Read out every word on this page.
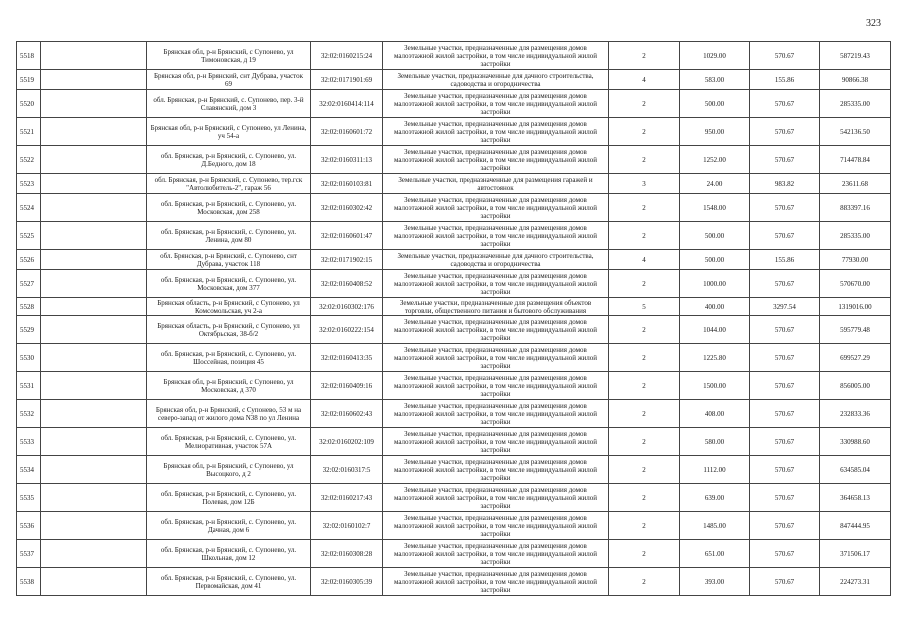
323
5518		Брянская обл, р-н Брянский, с Супонево, ул Тимоновская, д 19	32:02:0160215:24	Земельные участки, предназначенные для размещения домов малоэтажной жилой застройки, в том числе индивидуальной жилой застройки	2	1029.00	570.67	587219.43
5519		Брянская обл, р-н Брянский, снт Дубрава, участок 69	32:02:0171901:69	Земельные участки, предназначенные для дачного строительства, садоводства и огородничества	4	583.00	155.86	90866.38
5520		обл. Брянская, р-н Брянский, с. Супонево, пер. 3-й Славянский, дом 3	32:02:0160414:114	Земельные участки, предназначенные для размещения домов малоэтажной жилой застройки, в том числе индивидуальной жилой застройки	2	500.00	570.67	285335.00
5521		Брянская обл, р-н Брянский, с Супонево, ул Ленина, уч 54-а	32:02:0160601:72	Земельные участки, предназначенные для размещения домов малоэтажной жилой застройки, в том числе индивидуальной жилой застройки	2	950.00	570.67	542136.50
5522		обл. Брянская, р-н Брянский, с. Супонево, ул. Д.Бедного, дом 18	32:02:0160311:13	Земельные участки, предназначенные для размещения домов малоэтажной жилой застройки, в том числе индивидуальной жилой застройки	2	1252.00	570.67	714478.84
5523		обл. Брянская, р-н Брянский, с. Супонево, тер.гск "Автолюбитель-2", гараж 56	32:02:0160103:81	Земельные участки, предназначенные для размещения гаражей и автостоянок	3	24.00	983.82	23611.68
5524		обл. Брянская, р-н Брянский, с. Супонево, ул. Московская, дом 258	32:02:0160302:42	Земельные участки, предназначенные для размещения домов малоэтажной жилой застройки, в том числе индивидуальной жилой застройки	2	1548.00	570.67	883397.16
5525		обл. Брянская, р-н Брянский, с. Супонево, ул. Ленина, дом 80	32:02:0160601:47	Земельные участки, предназначенные для размещения домов малоэтажной жилой застройки, в том числе индивидуальной жилой застройки	2	500.00	570.67	285335.00
5526		обл. Брянская, р-н Брянский, с. Супонево, снт Дубрава, участок 118	32:02:0171902:15	Земельные участки, предназначенные для дачного строительства, садоводства и огородничества	4	500.00	155.86	77930.00
5527		обл. Брянская, р-н Брянский, с. Супонево, ул. Московская, дом 377	32:02:0160408:52	Земельные участки, предназначенные для размещения домов малоэтажной жилой застройки, в том числе индивидуальной жилой застройки	2	1000.00	570.67	570670.00
5528		Брянская область, р-н Брянский, с Супонево, ул Комсомольская, уч 2-а	32:02:0160302:176	Земельные участки, предназначенные для размещения объектов торговли, общественного питания и бытового обслуживания	5	400.00	3297.54	1319016.00
5529		Брянская область, р-н Брянский, с Супонево, ул Октябрьская, 38-б/2	32:02:0160222:154	Земельные участки, предназначенные для размещения домов малоэтажной жилой застройки, в том числе индивидуальной жилой застройки	2	1044.00	570.67	595779.48
5530		обл. Брянская, р-н Брянский, с. Супонево, ул. Шоссейная, позиция 45	32:02:0160413:35	Земельные участки, предназначенные для размещения домов малоэтажной жилой застройки, в том числе индивидуальной жилой застройки	2	1225.80	570.67	699527.29
5531		Брянская обл, р-н Брянский, с Супонево, ул Московская, д 370	32:02:0160409:16	Земельные участки, предназначенные для размещения домов малоэтажной жилой застройки, в том числе индивидуальной жилой застройки	2	1500.00	570.67	856005.00
5532		Брянская обл, р-н Брянский, с Супонево, 53 м на северо-запад от жилого дома N38 по ул Ленина	32:02:0160602:43	Земельные участки, предназначенные для размещения домов малоэтажной жилой застройки, в том числе индивидуальной жилой застройки	2	408.00	570.67	232833.36
5533		обл. Брянская, р-н Брянский, с. Супонево, ул. Мелиоративная, участок 57А	32:02:0160202:109	Земельные участки, предназначенные для размещения домов малоэтажной жилой застройки, в том числе индивидуальной жилой застройки	2	580.00	570.67	330988.60
5534		Брянская обл, р-н Брянский, с Супонево, ул Высоцкого, д 2	32:02:0160317:5	Земельные участки, предназначенные для размещения домов малоэтажной жилой застройки, в том числе индивидуальной жилой застройки	2	1112.00	570.67	634585.04
5535		обл. Брянская, р-н Брянский, с. Супонево, ул. Полевая, дом 12Б	32:02:0160217:43	Земельные участки, предназначенные для размещения домов малоэтажной жилой застройки, в том числе индивидуальной жилой застройки	2	639.00	570.67	364658.13
5536		обл. Брянская, р-н Брянский, с. Супонево, ул. Дачная, дом 6	32:02:0160102:7	Земельные участки, предназначенные для размещения домов малоэтажной жилой застройки, в том числе индивидуальной жилой застройки	2	1485.00	570.67	847444.95
5537		обл. Брянская, р-н Брянский, с. Супонево, ул. Школьная, дом 12	32:02:0160308:28	Земельные участки, предназначенные для размещения домов малоэтажной жилой застройки, в том числе индивидуальной жилой застройки	2	651.00	570.67	371506.17
5538		обл. Брянская, р-н Брянский, с. Супонево, ул. Первомайская, дом 41	32:02:0160305:39	Земельные участки, предназначенные для размещения домов малоэтажной жилой застройки, в том числе индивидуальной жилой застройки	2	393.00	570.67	224273.31
